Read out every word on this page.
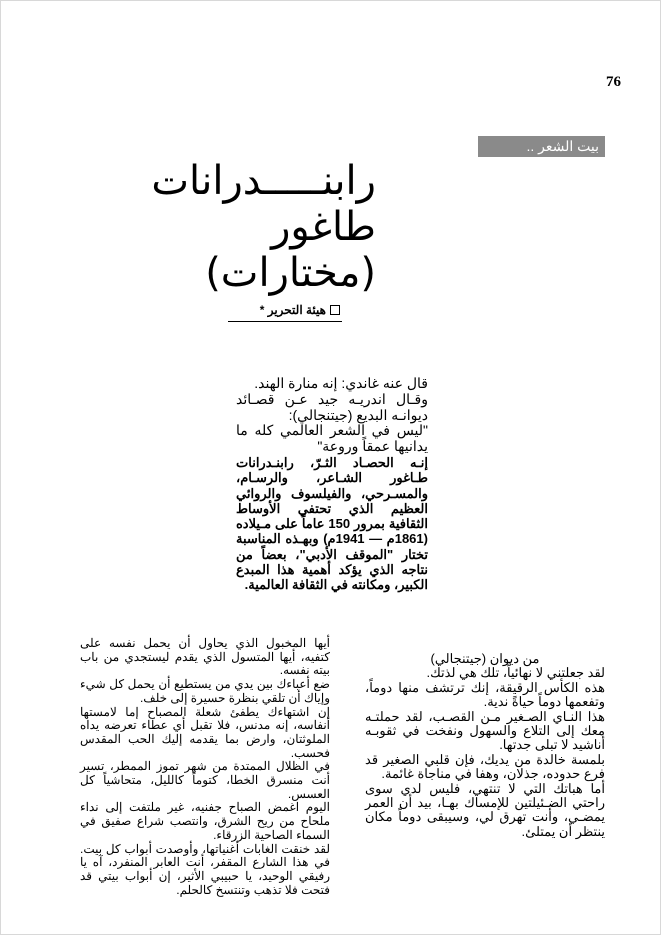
76
بيت الشعر ..
رابنـــــدرانات
طاغور
(مختارات)
هيئة التحرير *

قال عنه غاندي: إنه منارة الهند.

وقـال اندريـه جيد عـن قصـائد ديوانـه البديع (جيتنجالي):

"ليس في الشعر العالمي كله ما يدانيها عمقاً وروعة"

إنـه الحصـاد الثـرّ، رابنـدرانات طـاغور الشـاعر، والرسـام، والمسـرحي، والفيلسوف والروائي العظيم الذي تحتفي الأوساط الثقافية بمرور 150 عاماً على مـيلاده (1861م — 1941م) وبهـذه المناسبة تختار "الموقف الأدبي"، بعضاً من نتاجه الذي يؤكد أهمية هذا المبدع الكبير، ومكانته في الثقافة العالمية.

من ديوان (جيتنجالي)

لقد جعلتني لا نهائياً، تلك هي لذتك.

هذه الكأس الرقيقة، إنك ترتشف منها دوماً، وتفعمها دوماً حياةً ندية.

هذا النـاي الصـغير مـن القصـب، لقد حملتـه معك إلى التلاع والسهول ونفخت في ثقوبـه أناشيد لا تبلى جدتها.

بلمسة خالدة من يديك، فإن قلبي الصغير قد فرع حدوده، جذلان، وهفا في مناجاة غائمة.

أما هباتك التي لا تنتهي، فليس لدي سوى راحتي الضـئيلتين للإمساك بهـا، بيد أن العمر يمضـي، وأنت تهرق لي، وسيبقى دوماً مكان ينتظر أن يمتلئ.

أيها المخبول الذي يحاول أن يحمل نفسه على كتفيه، أيها المتسول الذي يقدم ليستجدي من باب بيته نفسه.

ضع أعباءك بين يدي من يستطيع أن يحمل كل شيء وإياك أن تلقي بنظرة حسيرة إلى خلف.

إن اشتهاءك يطفئ شعلة المصباح إما لامستها أنفاسه، إنه مدنس، فلا تقبل أي عطاء تعرضه يداه الملوثتان، وارض بما يقدمه إليك الحب المقدس فحسب.

في الظلال الممتدة من شهر تموز الممطر، تسير أنت منسرق الخطا، كتوماً كالليل، متحاشياً كل العسس.

اليوم اغمض الصباح جفنيه، غير ملتفت إلى نداء ملحاح من ريح الشرق، وانتصب شراع صفيق في السماء الصاحية الزرقاء.

لقد خنقت الغابات أغنياتها، وأوصدت أبواب كل بيت. في هذا الشارع المقفر، أنت العابر المنفرد، آه يا رفيقي الوحيد، يا حبيبي الأثير، إن أبواب بيتي قد فتحت فلا تذهب وتنتسخ كالحلم.
